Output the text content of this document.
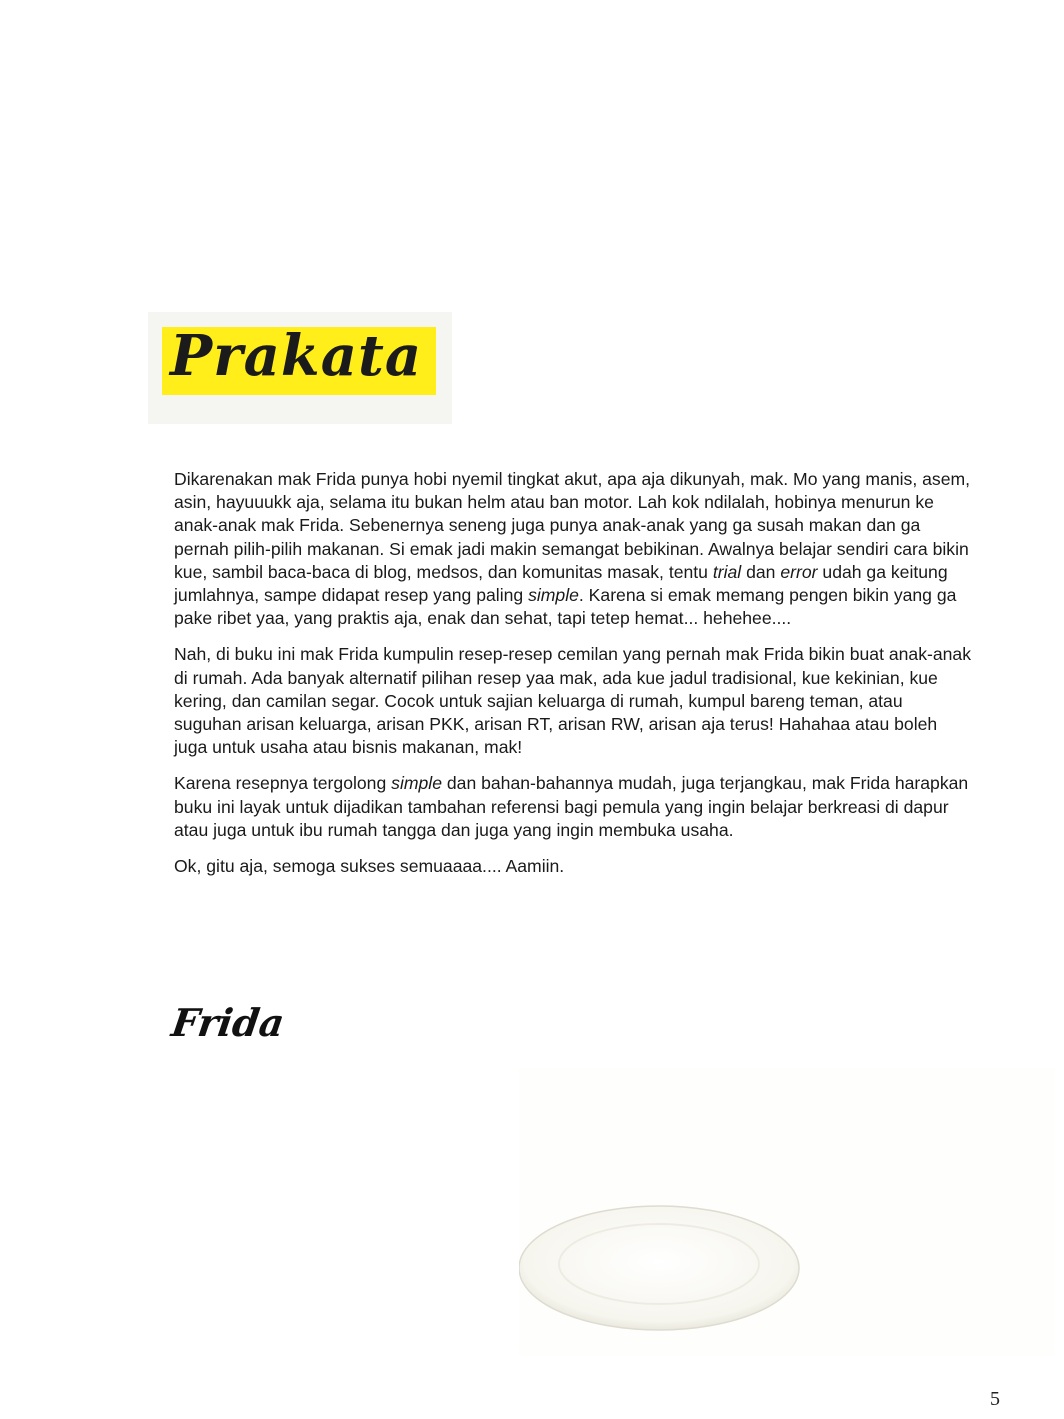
Prakata

Dikarenakan mak Frida punya hobi nyemil tingkat akut, apa aja dikunyah, mak. Mo yang manis, asem, asin, hayuuukk aja, selama itu bukan helm atau ban motor. Lah kok ndilalah, hobinya menurun ke anak-anak mak Frida. Sebenernya seneng juga punya anak-anak yang ga susah makan dan ga pernah pilih-pilih makanan. Si emak jadi makin semangat bebikinan. Awalnya belajar sendiri cara bikin kue, sambil baca-baca di blog, medsos, dan komunitas masak, tentu trial dan error udah ga keitung jumlahnya, sampe didapat resep yang paling simple. Karena si emak memang pengen bikin yang ga pake ribet yaa, yang praktis aja, enak dan sehat, tapi tetep hemat... hehehee....

Nah, di buku ini mak Frida kumpulin resep-resep cemilan yang pernah mak Frida bikin buat anak-anak di rumah. Ada banyak alternatif pilihan resep yaa mak, ada kue jadul tradisional, kue kekinian, kue kering, dan camilan segar. Cocok untuk sajian keluarga di rumah, kumpul bareng teman, atau suguhan arisan keluarga, arisan PKK, arisan RT, arisan RW, arisan aja terus! Hahahaa atau boleh juga untuk usaha atau bisnis makanan, mak!

Karena resepnya tergolong simple dan bahan-bahannya mudah, juga terjangkau, mak Frida harapkan buku ini layak untuk dijadikan tambahan referensi bagi pemula yang ingin belajar berkreasi di dapur atau juga untuk ibu rumah tangga dan juga yang ingin membuka usaha.

Ok, gitu aja, semoga sukses semuaaaa.... Aamiin.

Frida
5
